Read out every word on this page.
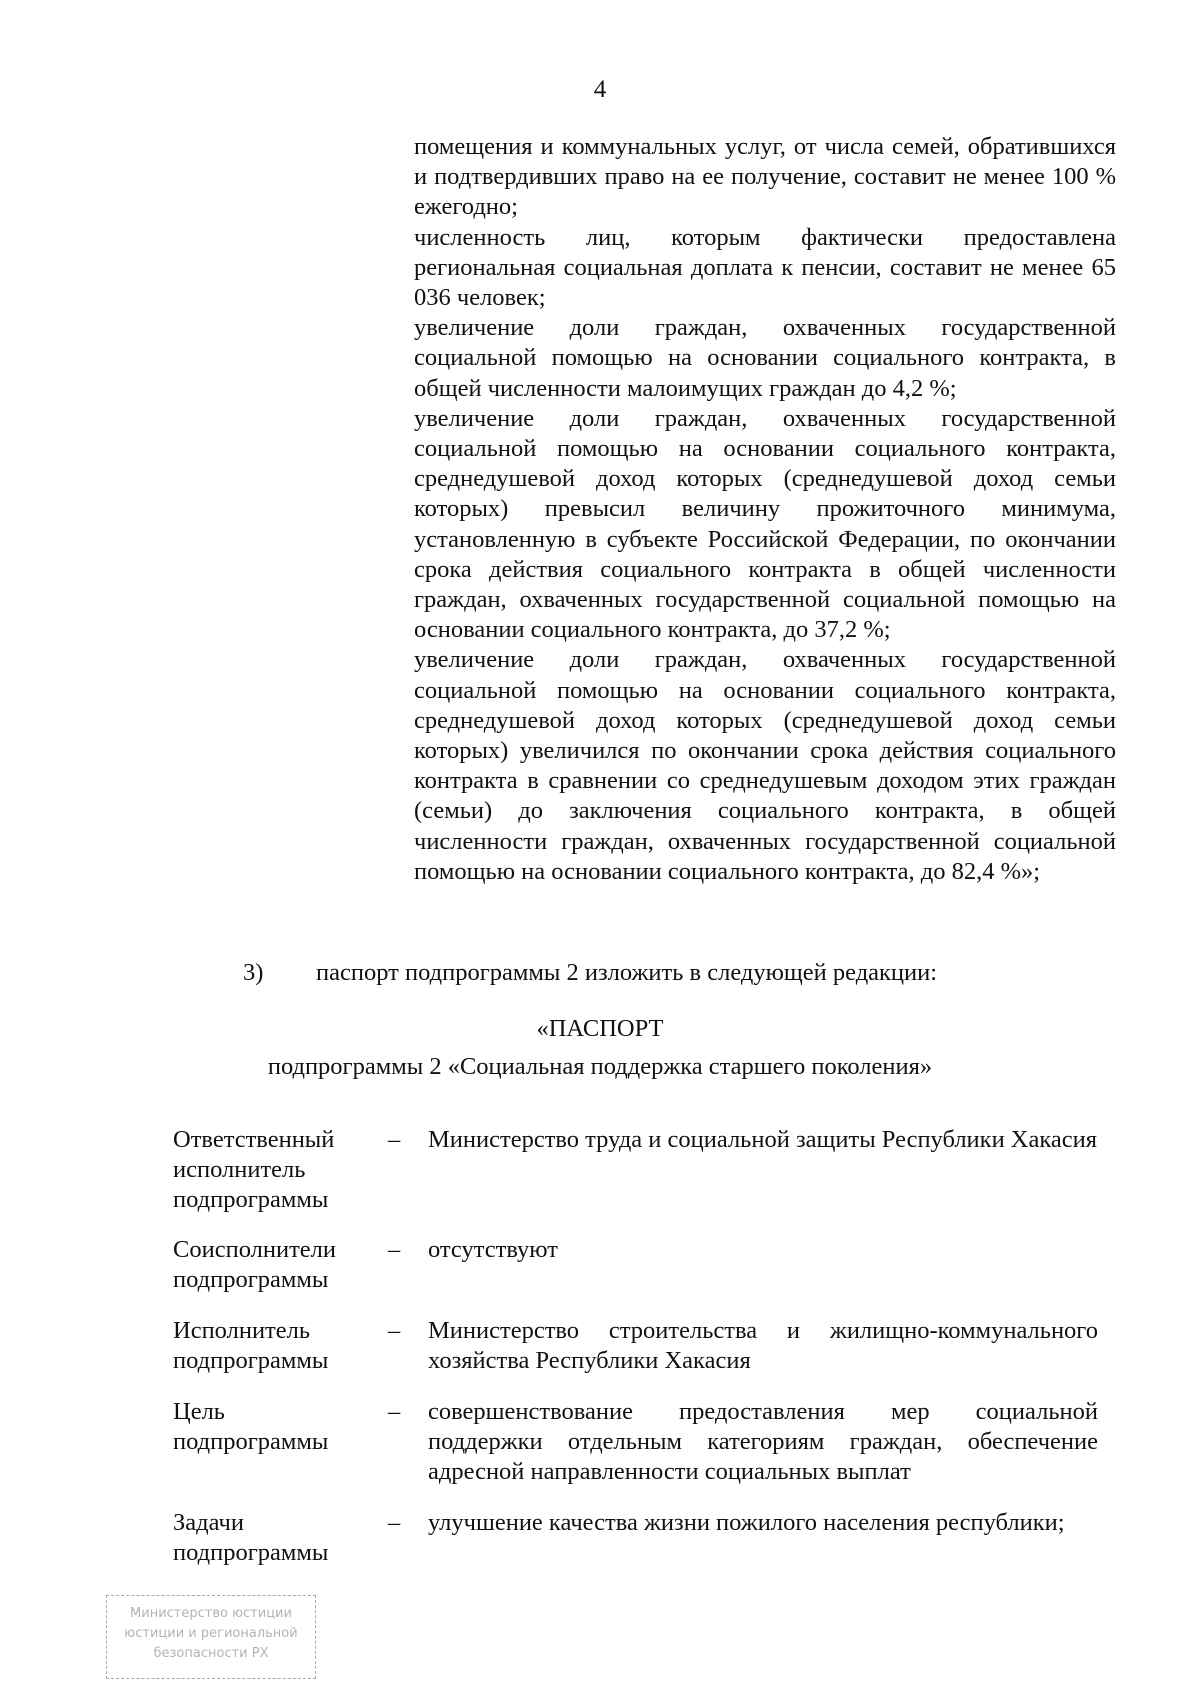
4

помещения и коммунальных услуг, от числа семей, обратившихся и подтвердивших право на ее получение, составит не менее 100 % ежегодно;

численность лиц, которым фактически предоставлена региональная социальная доплата к пенсии, составит не менее 65 036 человек;

увеличение доли граждан, охваченных государственной социальной помощью на основании социального контракта, в общей численности малоимущих граждан до 4,2 %;

увеличение доли граждан, охваченных государственной социальной помощью на основании социального контракта, среднедушевой доход которых (среднедушевой доход семьи которых) превысил величину прожиточного минимума, установленную в субъекте Российской Федерации, по окончании срока действия социального контракта в общей численности граждан, охваченных государственной социальной помощью на основании социального контракта, до 37,2 %;

увеличение доли граждан, охваченных государственной социальной помощью на основании социального контракта, среднедушевой доход которых (среднедушевой доход семьи которых) увеличился по окончании срока действия социального контракта в сравнении со среднедушевым доходом этих граждан (семьи) до заключения социального контракта, в общей численности граждан, охваченных государственной социальной помощью на основании социального контракта, до 82,4 %»;

3) паспорт подпрограммы 2 изложить в следующей редакции:
«ПАСПОРТ
подпрограммы 2 «Социальная поддержка старшего поколения»
Ответственный исполнитель подпрограммы
– Министерство труда и социальной защиты Республики Хакасия
Соисполнители подпрограммы
– отсутствуют
Исполнитель подпрограммы
– Министерство строительства и жилищно-коммунального хозяйства Республики Хакасия
Цель подпрограммы
– совершенствование предоставления мер социальной поддержки отдельным категориям граждан, обеспечение адресной направленности социальных выплат
Задачи подпрограммы
– улучшение качества жизни пожилого населения республики;
Министерство юстиции
юстиции и региональной
безопасности РХ
